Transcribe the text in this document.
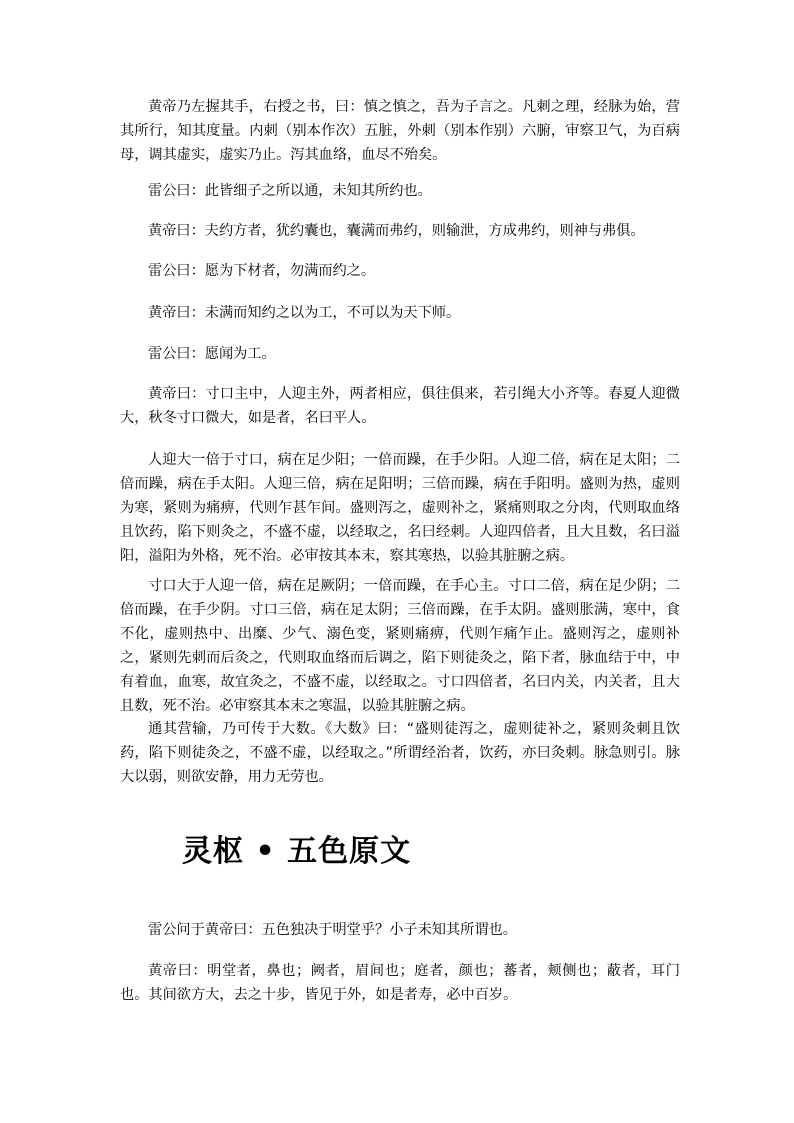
黄帝乃左握其手，右授之书，曰：慎之慎之，吾为子言之。凡刺之理，经脉为始，营其所行，知其度量。内刺（别本作次）五脏，外刺（别本作别）六腑，审察卫气，为百病母，调其虚实，虚实乃止。泻其血络，血尽不殆矣。

雷公曰：此皆细子之所以通，未知其所约也。

黄帝曰：夫约方者，犹约囊也，囊满而弗约，则输泄，方成弗约，则神与弗俱。

雷公曰：愿为下材者，勿满而约之。

黄帝曰：未满而知约之以为工，不可以为天下师。

雷公曰：愿闻为工。

黄帝曰：寸口主中，人迎主外，两者相应，俱往俱来，若引绳大小齐等。春夏人迎微大，秋冬寸口微大，如是者，名曰平人。

人迎大一倍于寸口，病在足少阳；一倍而躁，在手少阳。人迎二倍，病在足太阳；二倍而躁，病在手太阳。人迎三倍，病在足阳明；三倍而躁，病在手阳明。盛则为热，虚则为寒，紧则为痛痹，代则乍甚乍间。盛则泻之，虚则补之，紧痛则取之分肉，代则取血络且饮药，陷下则灸之，不盛不虚，以经取之，名曰经刺。人迎四倍者，且大且数，名曰溢阳，溢阳为外格，死不治。必审按其本末，察其寒热，以验其脏腑之病。

寸口大于人迎一倍，病在足厥阴；一倍而躁，在手心主。寸口二倍，病在足少阴；二倍而躁，在手少阴。寸口三倍，病在足太阴；三倍而躁，在手太阴。盛则胀满，寒中，食不化，虚则热中、出糜、少气、溺色变，紧则痛痹，代则乍痛乍止。盛则泻之，虚则补之，紧则先刺而后灸之，代则取血络而后调之，陷下则徒灸之，陷下者，脉血结于中，中有着血，血寒，故宜灸之，不盛不虚，以经取之。寸口四倍者，名曰内关，内关者，且大且数，死不治。必审察其本末之寒温，以验其脏腑之病。

通其营输，乃可传于大数。《大数》曰：“盛则徒泻之，虚则徒补之，紧则灸刺且饮药，陷下则徒灸之，不盛不虚，以经取之。”所谓经治者，饮药，亦曰灸刺。脉急则引。脉大以弱，则欲安静，用力无劳也。

灵枢 • 五色原文

雷公问于黄帝曰：五色独决于明堂乎？小子未知其所谓也。

黄帝曰：明堂者，鼻也；阙者，眉间也；庭者，颜也；蕃者，颊侧也；蔽者，耳门也。其间欲方大，去之十步，皆见于外，如是者寿，必中百岁。
